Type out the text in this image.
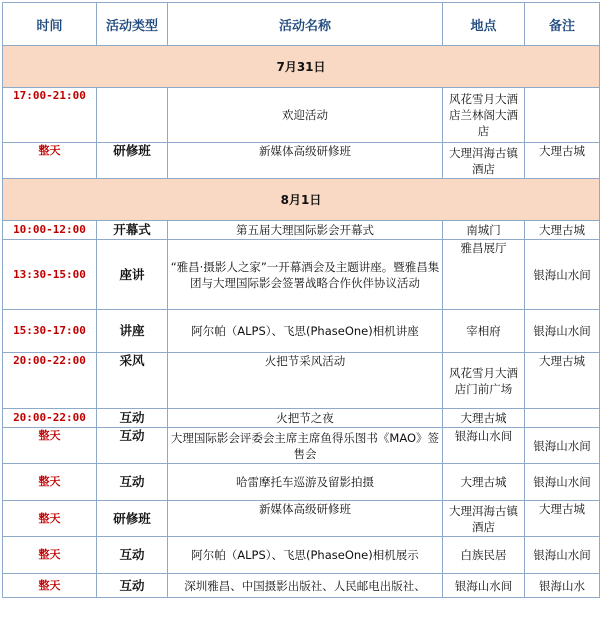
时间	活动类型	活动名称	地点	备注
7月31日				
17:00-21:00		欢迎活动	风花雪月大酒店兰林阁大酒店	
整天	研修班	新媒体高级研修班	大理洱海古镇酒店	大理古城
8月1日				
10:00-12:00	开幕式	第五届大理国际影会开幕式	南城门	大理古城
13:30-15:00	座讲	“雅昌·摄影人之家”一开幕酒会及主题讲座。暨雅昌集团与大理国际影会签署战略合作伙伴协议活动	雅昌展厅	银海山水间
15:30-17:00	讲座	阿尔帕（ALPS）、飞思(PhaseOne)相机讲座	宰相府	银海山水间
20:00-22:00	采风	火把节采风活动	风花雪月大酒店门前广场	大理古城
20:00-22:00	互动	火把节之夜	大理古城	
整天	互动	大理国际影会评委会主席主席鱼得乐图书《MAO》签售会	银海山水间	银海山水间
整天	互动	哈雷摩托车巡游及留影拍摄	大理古城	银海山水间
整天	研修班	新媒体高级研修班	大理洱海古镇酒店	大理古城
整天	互动	阿尔帕（ALPS）、飞思(PhaseOne)相机展示	白族民居	银海山水间
整天	互动	深圳雅昌、中国摄影出版社、人民邮电出版社、	银海山水间	银海山水
